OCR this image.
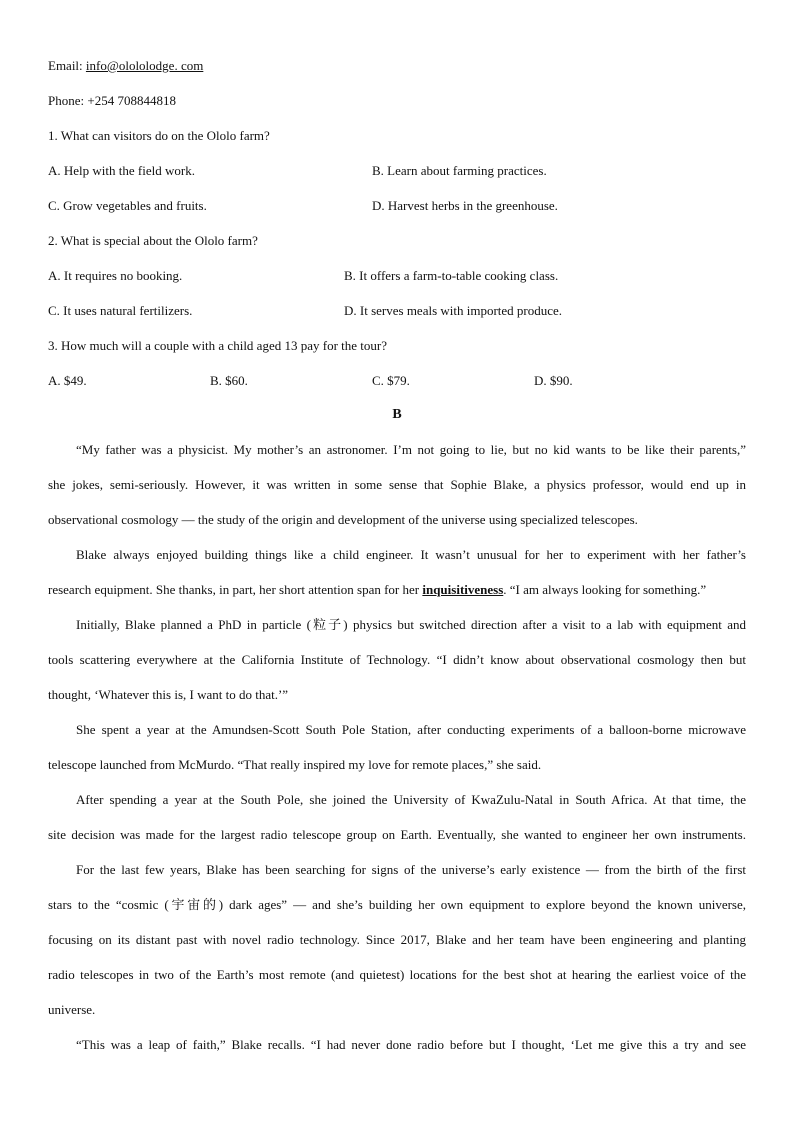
Email: info@olololodge. com
Phone: +254 708844818
1. What can visitors do on the Ololo farm?
A. Help with the field work.	B. Learn about farming practices.
C. Grow vegetables and fruits.	D. Harvest herbs in the greenhouse.
2. What is special about the Ololo farm?
A. It requires no booking.	B. It offers a farm-to-table cooking class.
C. It uses natural fertilizers.	D. It serves meals with imported produce.
3. How much will a couple with a child aged 13 pay for the tour?
A. $49.	B. $60.	C. $79.	D. $90.
B
“My father was a physicist. My mother’s an astronomer. I’m not going to lie, but no kid wants to be like their parents,”
she jokes, semi-seriously. However, it was written in some sense that Sophie Blake, a physics professor, would end up in
observational cosmology — the study of the origin and development of the universe using specialized telescopes.
Blake always enjoyed building things like a child engineer. It wasn’t unusual for her to experiment with her father’s
research equipment. She thanks, in part, her short attention span for her inquisitiveness. “I am always looking for something.”
Initially, Blake planned a PhD in particle (粒子) physics but switched direction after a visit to a lab with equipment and
tools scattering everywhere at the California Institute of Technology. “I didn’t know about observational cosmology then but
thought, ‘Whatever this is, I want to do that.’”
She spent a year at the Amundsen-Scott South Pole Station, after conducting experiments of a balloon-borne microwave
telescope launched from McMurdo. “That really inspired my love for remote places,” she said.
After spending a year at the South Pole, she joined the University of KwaZulu-Natal in South Africa. At that time, the
site decision was made for the largest radio telescope group on Earth. Eventually, she wanted to engineer her own instruments.
For the last few years, Blake has been searching for signs of the universe’s early existence — from the birth of the first
stars to the “cosmic (宇宙的) dark ages” — and she’s building her own equipment to explore beyond the known universe,
focusing on its distant past with novel radio technology. Since 2017, Blake and her team have been engineering and planting
radio telescopes in two of the Earth’s most remote (and quietest) locations for the best shot at hearing the earliest voice of the
universe.
“This was a leap of faith,” Blake recalls. “I had never done radio before but I thought, ‘Let me give this a try and see
